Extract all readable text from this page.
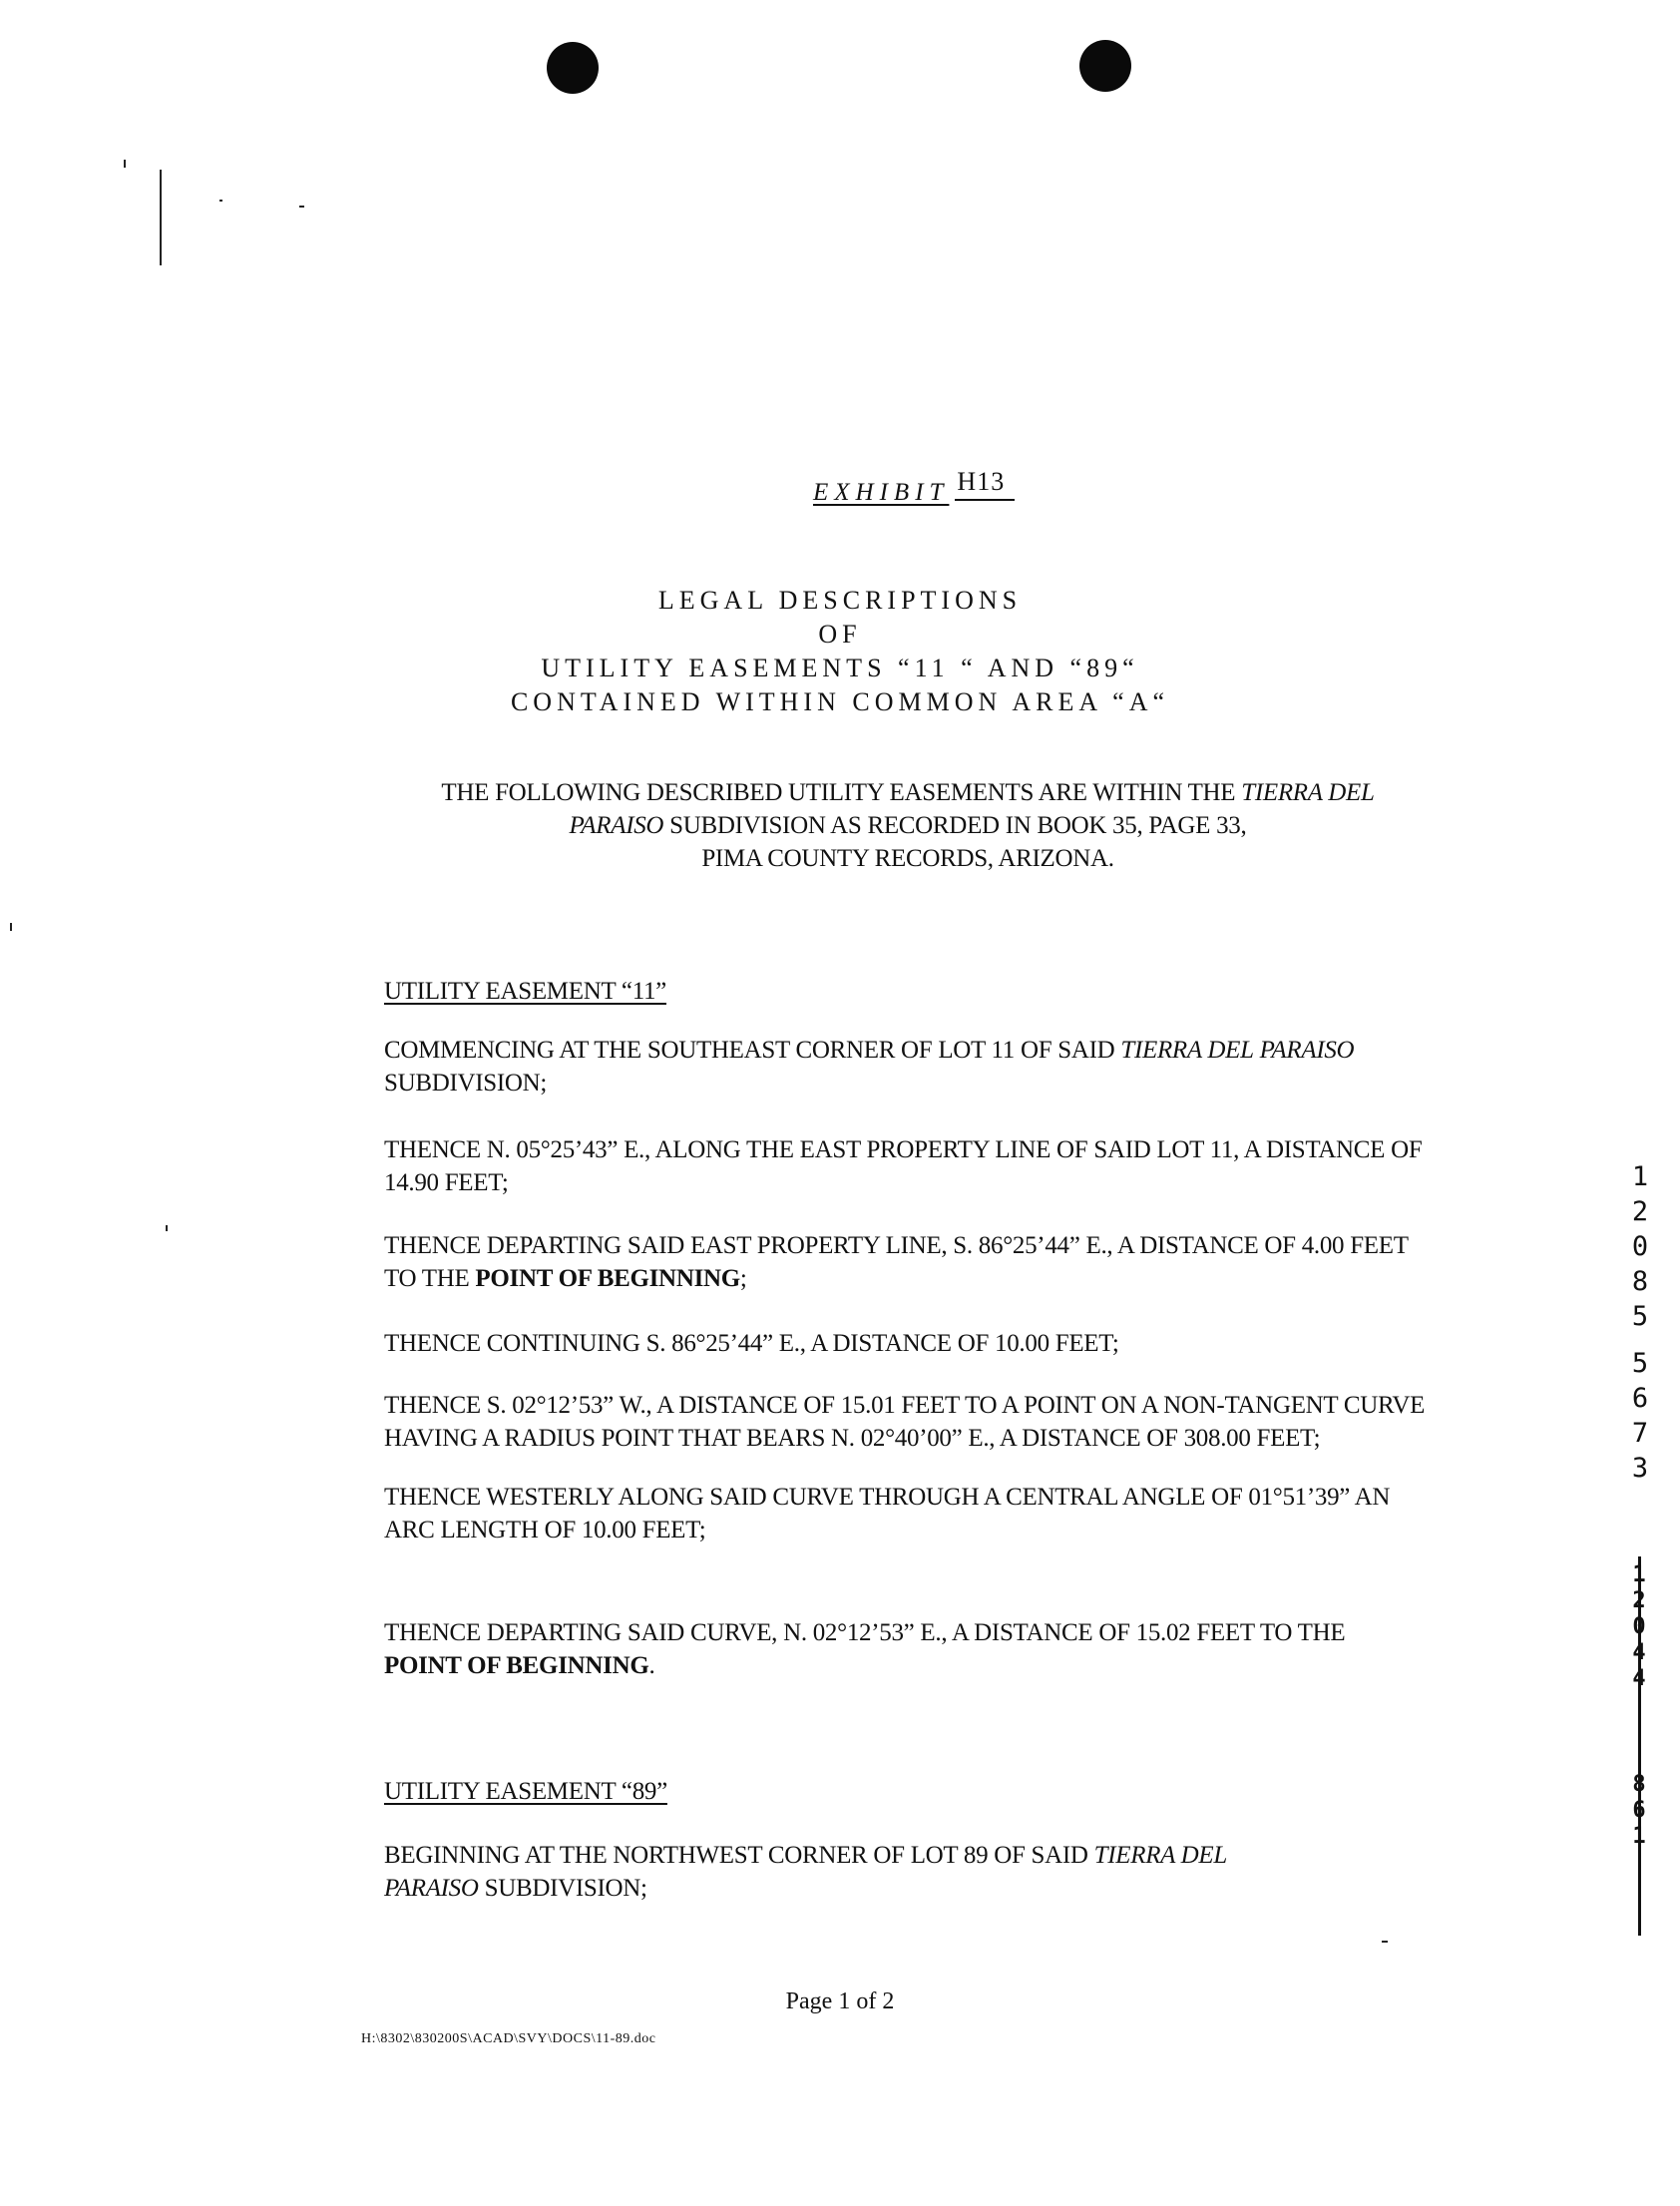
EXHIBIT H13
LEGAL DESCRIPTIONS
OF
UTILITY EASEMENTS “11 “ AND “89“
CONTAINED WITHIN COMMON AREA “A“
THE FOLLOWING DESCRIBED UTILITY EASEMENTS ARE WITHIN THE TIERRA DEL
PARAISO SUBDIVISION AS RECORDED IN BOOK 35, PAGE 33,
PIMA COUNTY RECORDS, ARIZONA.
UTILITY EASEMENT “11”
COMMENCING AT THE SOUTHEAST CORNER OF LOT 11 OF SAID TIERRA DEL PARAISO SUBDIVISION;
THENCE N. 05°25’43” E., ALONG THE EAST PROPERTY LINE OF SAID LOT 11, A DISTANCE OF 14.90 FEET;
THENCE DEPARTING SAID EAST PROPERTY LINE, S. 86°25’44” E., A DISTANCE OF 4.00 FEET TO THE POINT OF BEGINNING;
THENCE CONTINUING S. 86°25’44” E., A DISTANCE OF 10.00 FEET;
THENCE S. 02°12’53” W., A DISTANCE OF 15.01 FEET TO A POINT ON A NON-TANGENT CURVE HAVING A RADIUS POINT THAT BEARS N. 02°40’00” E., A DISTANCE OF 308.00 FEET;
THENCE WESTERLY ALONG SAID CURVE THROUGH A CENTRAL ANGLE OF 01°51’39” AN ARC LENGTH OF 10.00 FEET;
THENCE DEPARTING SAID CURVE, N. 02°12’53” E., A DISTANCE OF 15.02 FEET TO THE POINT OF BEGINNING.
UTILITY EASEMENT “89”
BEGINNING AT THE NORTHWEST CORNER OF LOT 89 OF SAID TIERRA DEL
PARAISO SUBDIVISION;
1
2
0
8
5
5
6
7
3
1
2
0
4
4
8
6
1
Page 1 of 2
H:\8302\830200S\ACAD\SVY\DOCS\11-89.doc
